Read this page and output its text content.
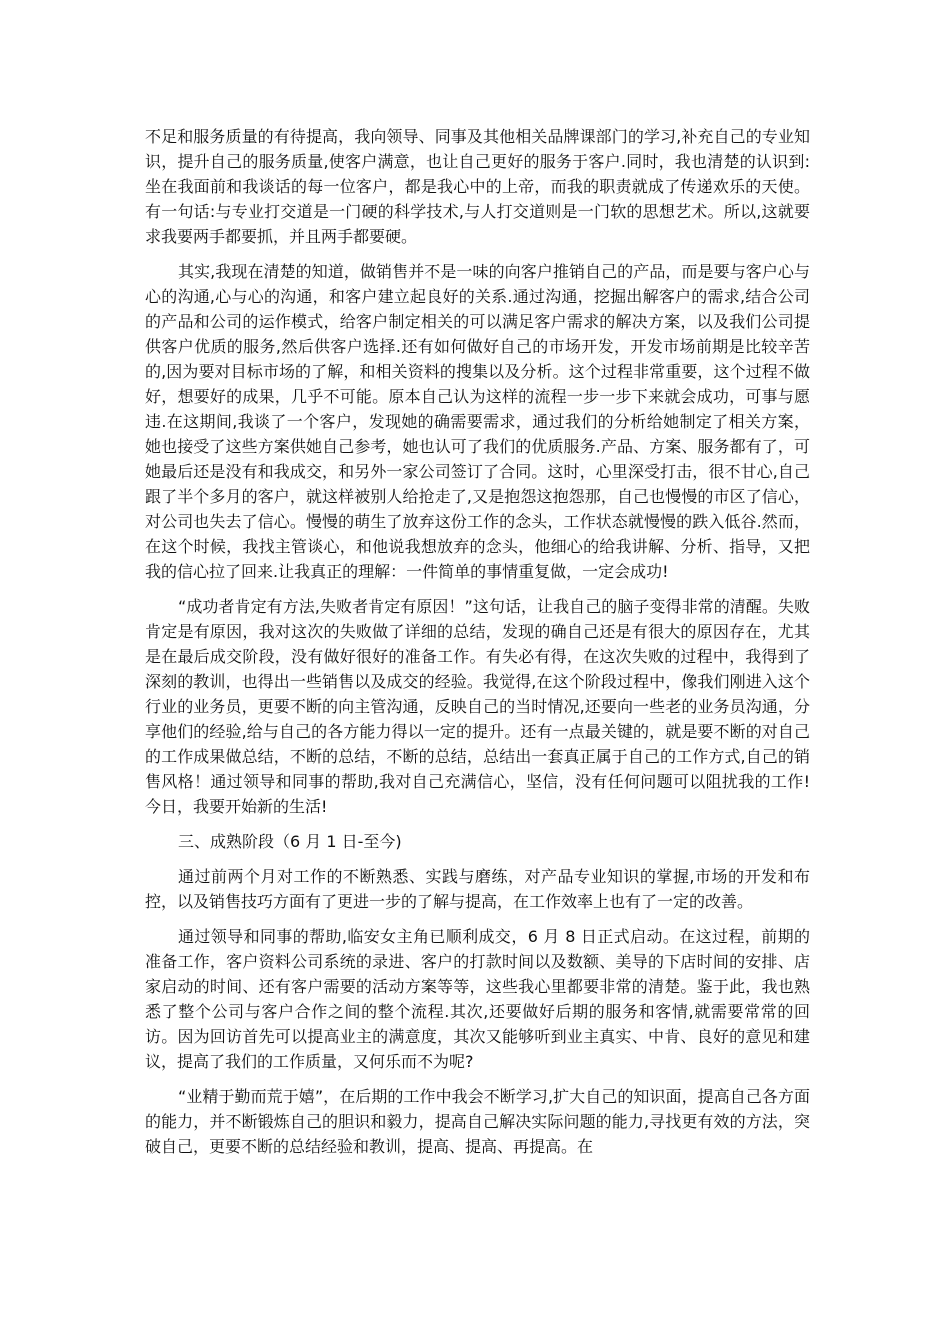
不足和服务质量的有待提高，我向领导、同事及其他相关品牌课部门的学习,补充自己的专业知识，提升自己的服务质量,使客户满意，也让自己更好的服务于客户.同时，我也清楚的认识到:坐在我面前和我谈话的每一位客户，都是我心中的上帝，而我的职责就成了传递欢乐的天使。有一句话:与专业打交道是一门硬的科学技术,与人打交道则是一门软的思想艺术。所以,这就要求我要两手都要抓，并且两手都要硬。

其实,我现在清楚的知道，做销售并不是一味的向客户推销自己的产品，而是要与客户心与心的沟通,心与心的沟通，和客户建立起良好的关系.通过沟通，挖掘出解客户的需求,结合公司的产品和公司的运作模式，给客户制定相关的可以满足客户需求的解决方案，以及我们公司提供客户优质的服务,然后供客户选择.还有如何做好自己的市场开发，开发市场前期是比较辛苦的,因为要对目标市场的了解，和相关资料的搜集以及分析。这个过程非常重要，这个过程不做好，想要好的成果，几乎不可能。原本自己认为这样的流程一步一步下来就会成功，可事与愿违.在这期间,我谈了一个客户，发现她的确需要需求，通过我们的分析给她制定了相关方案，她也接受了这些方案供她自己参考，她也认可了我们的优质服务.产品、方案、服务都有了，可她最后还是没有和我成交，和另外一家公司签订了合同。这时，心里深受打击，很不甘心,自己跟了半个多月的客户，就这样被别人给抢走了,又是抱怨这抱怨那，自己也慢慢的市区了信心，对公司也失去了信心。慢慢的萌生了放弃这份工作的念头，工作状态就慢慢的跌入低谷.然而，在这个时候，我找主管谈心，和他说我想放弃的念头，他细心的给我讲解、分析、指导，又把我的信心拉了回来.让我真正的理解：一件简单的事情重复做，一定会成功!

“成功者肯定有方法,失败者肯定有原因！”这句话，让我自己的脑子变得非常的清醒。失败肯定是有原因，我对这次的失败做了详细的总结，发现的确自己还是有很大的原因存在，尤其是在最后成交阶段，没有做好很好的准备工作。有失必有得，在这次失败的过程中，我得到了深刻的教训，也得出一些销售以及成交的经验。我觉得,在这个阶段过程中，像我们刚进入这个行业的业务员，更要不断的向主管沟通，反映自己的当时情况,还要向一些老的业务员沟通，分享他们的经验,给与自己的各方能力得以一定的提升。还有一点最关键的，就是要不断的对自己的工作成果做总结，不断的总结，不断的总结，总结出一套真正属于自己的工作方式,自己的销售风格！通过领导和同事的帮助,我对自己充满信心，坚信，没有任何问题可以阻扰我的工作!今日，我要开始新的生活!

三、成熟阶段（6 月 1 日-至今)

通过前两个月对工作的不断熟悉、实践与磨练，对产品专业知识的掌握,市场的开发和布控，以及销售技巧方面有了更进一步的了解与提高，在工作效率上也有了一定的改善。

通过领导和同事的帮助,临安女主角已顺利成交，6 月 8 日正式启动。在这过程，前期的准备工作，客户资料公司系统的录进、客户的打款时间以及数额、美导的下店时间的安排、店家启动的时间、还有客户需要的活动方案等等，这些我心里都要非常的清楚。鉴于此，我也熟悉了整个公司与客户合作之间的整个流程.其次,还要做好后期的服务和客情,就需要常常的回访。因为回访首先可以提高业主的满意度，其次又能够听到业主真实、中肯、良好的意见和建议，提高了我们的工作质量，又何乐而不为呢?

“业精于勤而荒于嬉”，在后期的工作中我会不断学习,扩大自己的知识面，提高自己各方面的能力，并不断锻炼自己的胆识和毅力，提高自己解决实际问题的能力,寻找更有效的方法，突破自己，更要不断的总结经验和教训，提高、提高、再提高。在
